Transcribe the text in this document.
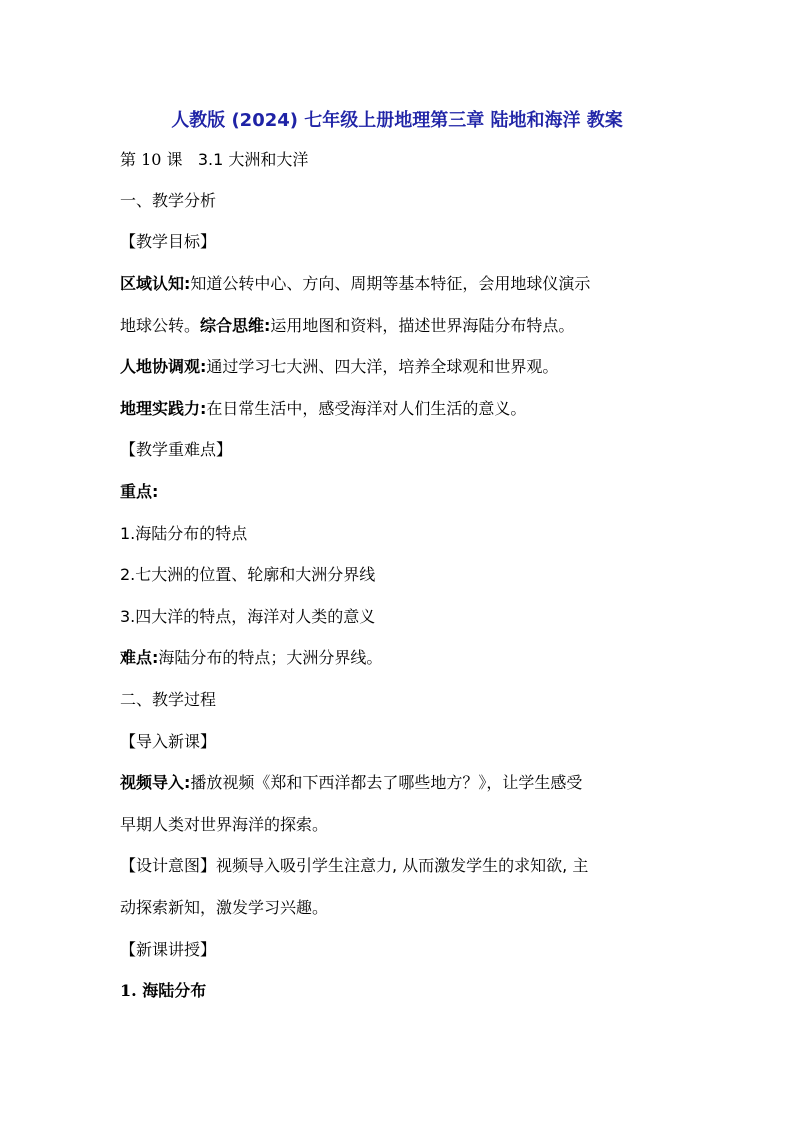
人教版 (2024) 七年级上册地理第三章 陆地和海洋 教案
第 10 课 3.1 大洲和大洋
一、教学分析
【教学目标】
区域认知:知道公转中心、方向、周期等基本特征，会用地球仪演示
地球公转。综合思维:运用地图和资料，描述世界海陆分布特点。
人地协调观:通过学习七大洲、四大洋，培养全球观和世界观。
地理实践力:在日常生活中，感受海洋对人们生活的意义。
【教学重难点】
重点:
1.海陆分布的特点
2.七大洲的位置、轮廓和大洲分界线
3.四大洋的特点，海洋对人类的意义
难点:海陆分布的特点；大洲分界线。
二、教学过程
【导入新课】
视频导入:播放视频《郑和下西洋都去了哪些地方？》，让学生感受
早期人类对世界海洋的探索。
【设计意图】视频导入吸引学生注意力, 从而激发学生的求知欲, 主
动探索新知，激发学习兴趣。
【新课讲授】
1. 海陆分布
